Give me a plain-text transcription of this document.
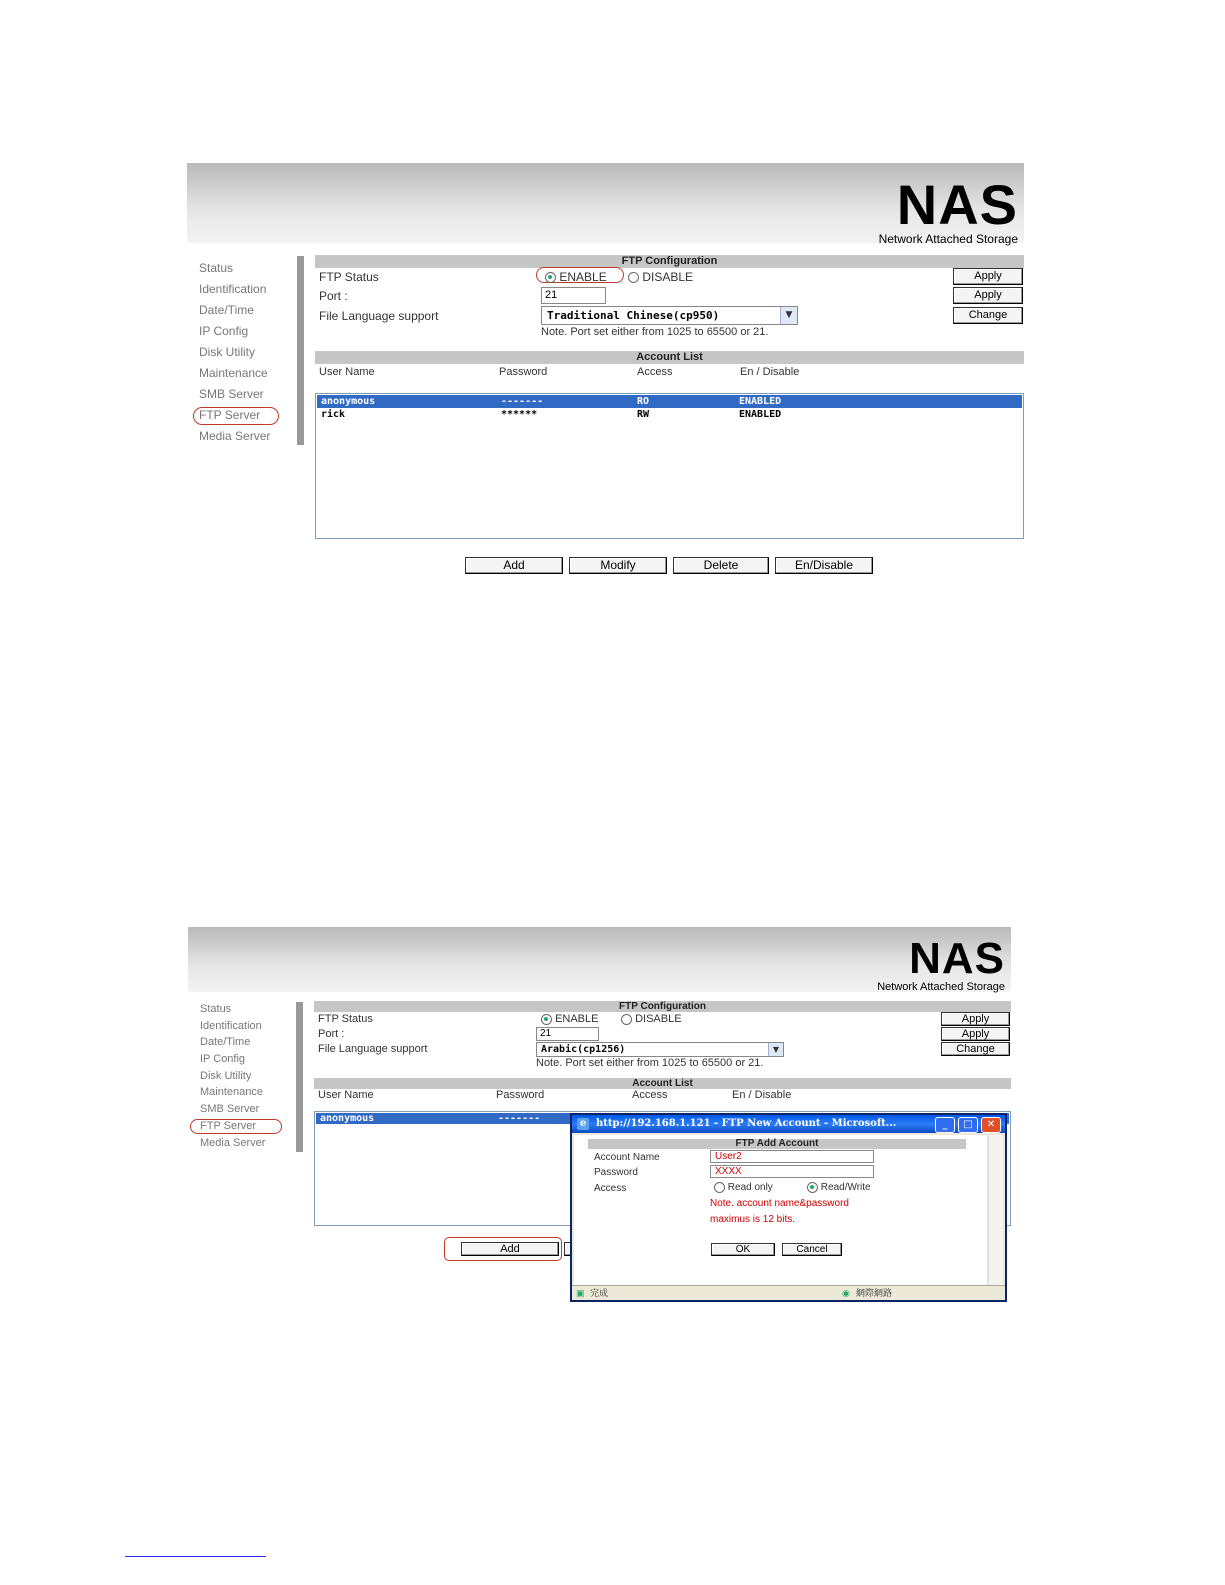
NAS
Network Attached Storage
Status
Identification
Date/Time
IP Config
Disk Utility
Maintenance
SMB Server
FTP Server
Media Server
FTP Configuration
FTP Status	ENABLE	DISABLE	Apply
Port :	21	Apply
File Language support	Traditional Chinese(cp950)	▼	Change
Note. Port set either from 1025 to 65500 or 21.
Account List
User Name	Password	Access	En / Disable
anonymous	-------	RO	ENABLED
rick	******	RW	ENABLED
Add	Modify	Delete	En/Disable
NAS
Network Attached Storage
Status
Identification
Date/Time
IP Config
Disk Utility
Maintenance
SMB Server
FTP Server
Media Server
FTP Configuration
FTP Status	ENABLE	DISABLE	Apply
Port :	21	Apply
File Language support	Arabic(cp1256)	▼	Change
Note. Port set either from 1025 to 65500 or 21.
Account List
User Name	Password	Access	En / Disable
anonymous	-------
Add
e http://192.168.1.121 - FTP New Account - Microsoft...	_	□	✕
FTP Add Account
Account Name	User2
Password	XXXX
Access	Read only	Read/Write
Note. account name&password
maximus is 12 bits.
OK	Cancel
▣ 完成	◉ 網際網路
